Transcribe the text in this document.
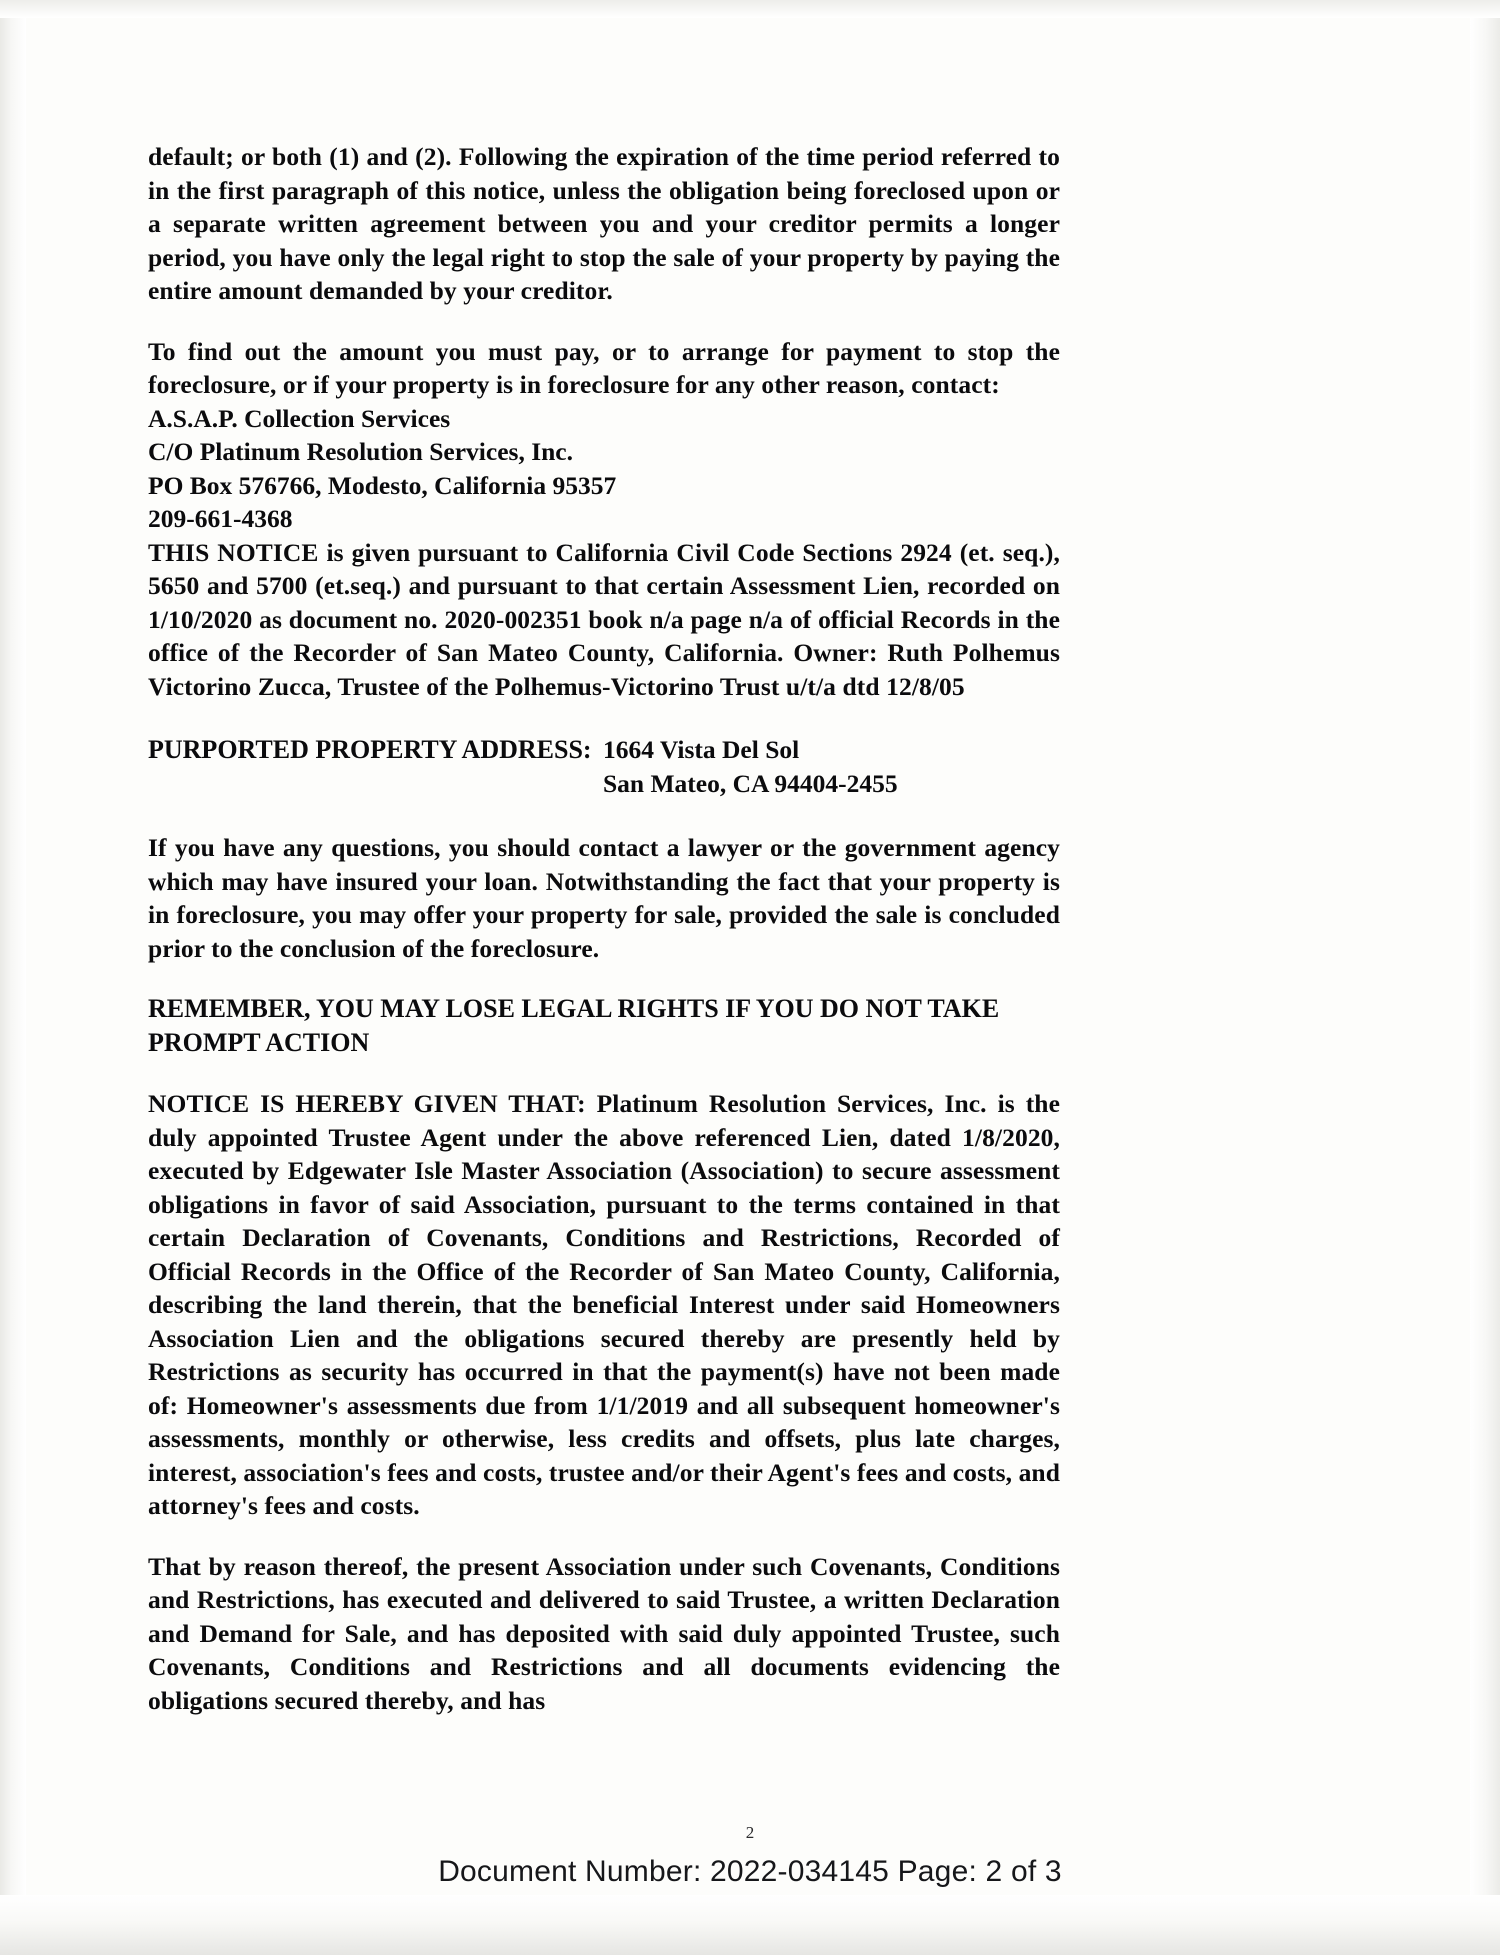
default; or both (1) and (2). Following the expiration of the time period referred to in the first paragraph of this notice, unless the obligation being foreclosed upon or a separate written agreement between you and your creditor permits a longer period, you have only the legal right to stop the sale of your property by paying the entire amount demanded by your creditor.

To find out the amount you must pay, or to arrange for payment to stop the foreclosure, or if your property is in foreclosure for any other reason, contact:

A.S.A.P. Collection Services
C/O Platinum Resolution Services, Inc.
PO Box 576766, Modesto, California 95357
209-661-4368

THIS NOTICE is given pursuant to California Civil Code Sections 2924 (et. seq.), 5650 and 5700 (et.seq.) and pursuant to that certain Assessment Lien, recorded on 1/10/2020 as document no. 2020-002351 book n/a page n/a of official Records in the office of the Recorder of San Mateo County, California. Owner: Ruth Polhemus Victorino Zucca, Trustee of the Polhemus-Victorino Trust u/t/a dtd 12/8/05

PURPORTED PROPERTY ADDRESS: 1664 Vista Del Sol
San Mateo, CA 94404-2455

If you have any questions, you should contact a lawyer or the government agency which may have insured your loan. Notwithstanding the fact that your property is in foreclosure, you may offer your property for sale, provided the sale is concluded prior to the conclusion of the foreclosure.

REMEMBER, YOU MAY LOSE LEGAL RIGHTS IF YOU DO NOT TAKE PROMPT ACTION

NOTICE IS HEREBY GIVEN THAT: Platinum Resolution Services, Inc. is the duly appointed Trustee Agent under the above referenced Lien, dated 1/8/2020, executed by Edgewater Isle Master Association (Association) to secure assessment obligations in favor of said Association, pursuant to the terms contained in that certain Declaration of Covenants, Conditions and Restrictions, Recorded of Official Records in the Office of the Recorder of San Mateo County, California, describing the land therein, that the beneficial Interest under said Homeowners Association Lien and the obligations secured thereby are presently held by Restrictions as security has occurred in that the payment(s) have not been made of: Homeowner's assessments due from 1/1/2019 and all subsequent homeowner's assessments, monthly or otherwise, less credits and offsets, plus late charges, interest, association's fees and costs, trustee and/or their Agent's fees and costs, and attorney's fees and costs.

That by reason thereof, the present Association under such Covenants, Conditions and Restrictions, has executed and delivered to said Trustee, a written Declaration and Demand for Sale, and has deposited with said duly appointed Trustee, such Covenants, Conditions and Restrictions and all documents evidencing the obligations secured thereby, and has

2
Document Number: 2022-034145 Page: 2 of 3
